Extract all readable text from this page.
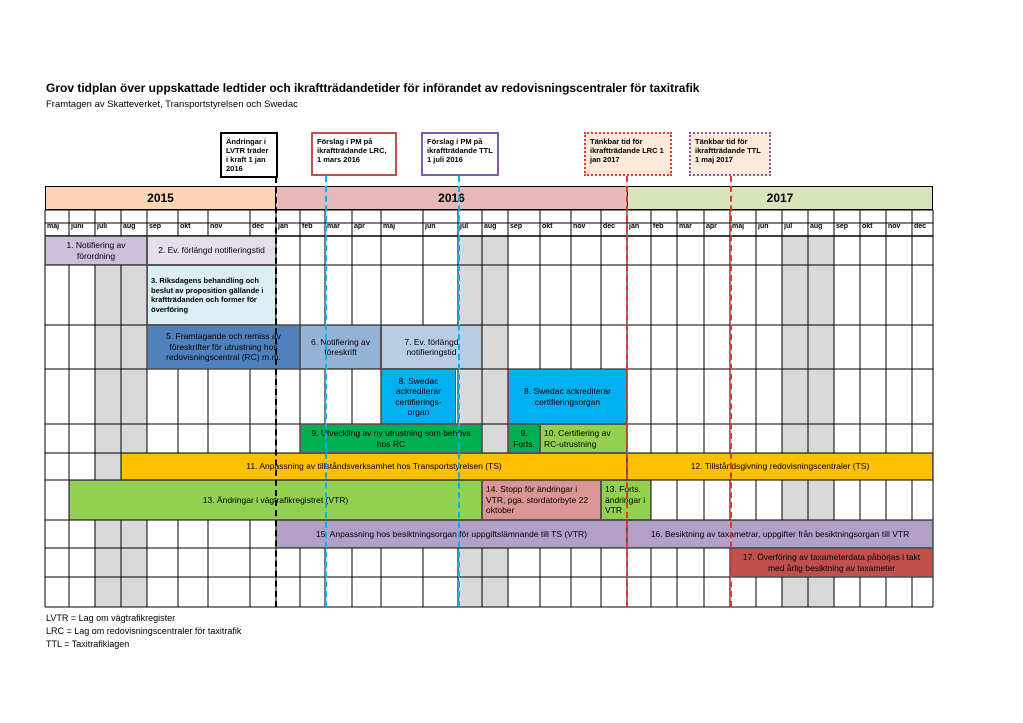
Grov tidplan över uppskattade ledtider och ikraftträdandetider för införandet av redovisningscentraler för taxitrafik
Framtagen av Skatteverket, Transportstyrelsen och Swedac
Ändringar i LVTR träder i kraft 1 jan 2016
Förslag i PM på ikraftträdande LRC, 1 mars 2016
Förslag i PM på ikraftträdande TTL 1 juli 2016
Tänkbar tid för ikraftträdande LRC 1 jan 2017
Tänkbar tid för ikraftträdande TTL 1 maj 2017
2015	2016	2017
maj juni juli aug sep	okt	nov	dec jan feb mar apr	maj	jun	jul aug sep	okt	nov	dec jan feb mar apr maj jun jul	aug sep okt nov dec
1. Notifiering av förordning
2. Ev. förlängd notifieringstid
3. Riksdagens behandling och beslut av proposition gällande i kraftträdanden och former för överföring
5. Framtagande och remiss av föreskrifter för utrustning hos redovisningscentral (RC) m.m.
6. Notifiering av föreskrift
7. Ev. förlängd notifieringstid
8. Swedac ackrediterar certifierings-organ
8. Swedac ackrediterar certifieringsorgan
9. Utveckling av ny utrustning som behövs hos RC
9. Forts.
10. Certifiering av RC-utrustning
11. Anpassning av tillståndsverksamhet hos Transportstyrelsen (TS)	12. Tillståndsgivning redovisningscentraler (TS)
13. Ändringar i vägtrafikregistret (VTR)
14. Stopp för ändringar i VTR, pga. stordatorbyte 22 oktober
13. Forts. ändringar i VTR
15. Anpassning hos besiktningsorgan för uppgiftslämnande till TS (VTR)	16. Besiktning av taxametrar, uppgifter från besiktningsorgan till VTR
17. Överföring av taxameterdata påbörjas i takt med årlig besiktning av taxameter
LVTR = Lag om vägtrafikregister
LRC = Lag om redovisningscentraler för taxitrafik
TTL = Taxitrafiklagen
